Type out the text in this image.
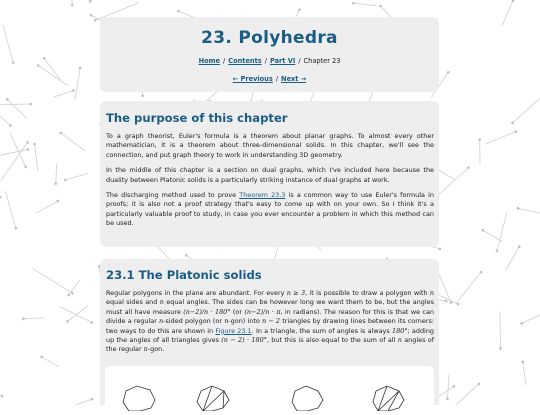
23. Polyhedra
Home / Contents / Part VI / Chapter 23
← Previous / Next →
The purpose of this chapter

To a graph theorist, Euler's formula is a theorem about planar graphs. To almost every other mathematician, it is a theorem about three-dimensional solids. In this chapter, we'll see the connection, and put graph theory to work in understanding 3D geometry.

In the middle of this chapter is a section on dual graphs, which I've included here because the duality between Platonic solids is a particularly striking instance of dual graphs at work.

The discharging method used to prove Theorem 23.3 is a common way to use Euler's formula in proofs; it is also not a proof strategy that's easy to come up with on your own. So I think it's a particularly valuable proof to study, in case you ever encounter a problem in which this method can be used.

23.1 The Platonic solids

Regular polygons in the plane are abundant. For every n ≥ 3, it is possible to draw a polygon with n equal sides and n equal angles. The sides can be however long we want them to be, but the angles must all have measure (n−2)/n · 180° (or (n−2)/n · π, in radians). The reason for this is that we can divide a regular n-sided polygon (or n-gon) into n − 2 triangles by drawing lines between its corners: two ways to do this are shown in Figure 23.1. In a triangle, the sum of angles is always 180°; adding up the angles of all triangles gives (n − 2) · 180°, but this is also equal to the sum of all n angles of the regular n-gon.
